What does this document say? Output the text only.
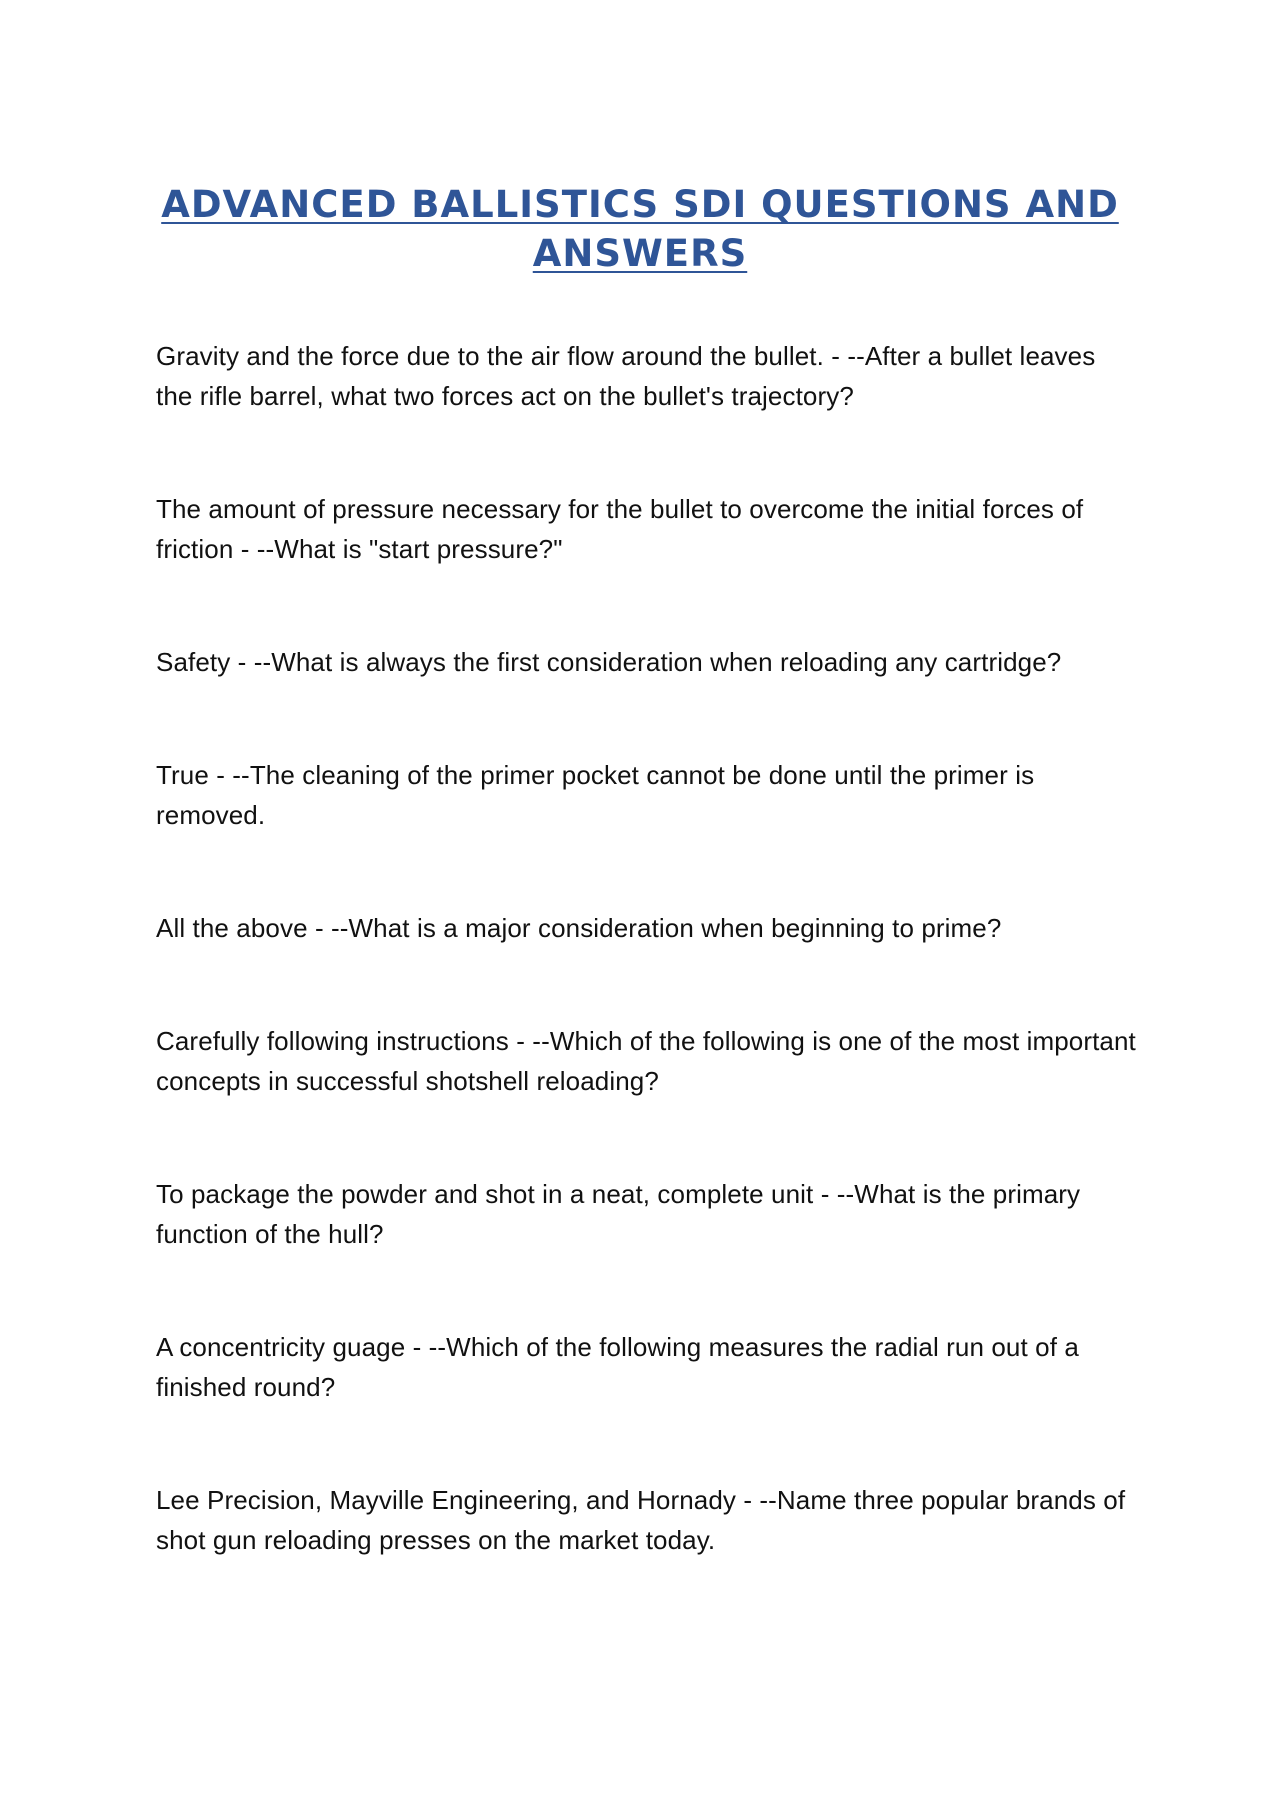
ADVANCED BALLISTICS SDI QUESTIONS AND ANSWERS

Gravity and the force due to the air flow around the bullet. - --After a bullet leaves the rifle barrel, what two forces act on the bullet's trajectory?

The amount of pressure necessary for the bullet to overcome the initial forces of friction - --What is "start pressure?"

Safety - --What is always the first consideration when reloading any cartridge?

True - --The cleaning of the primer pocket cannot be done until the primer is removed.

All the above - --What is a major consideration when beginning to prime?

Carefully following instructions - --Which of the following is one of the most important concepts in successful shotshell reloading?

To package the powder and shot in a neat, complete unit - --What is the primary function of the hull?

A concentricity guage - --Which of the following measures the radial run out of a finished round?

Lee Precision, Mayville Engineering, and Hornady - --Name three popular brands of shot gun reloading presses on the market today.
